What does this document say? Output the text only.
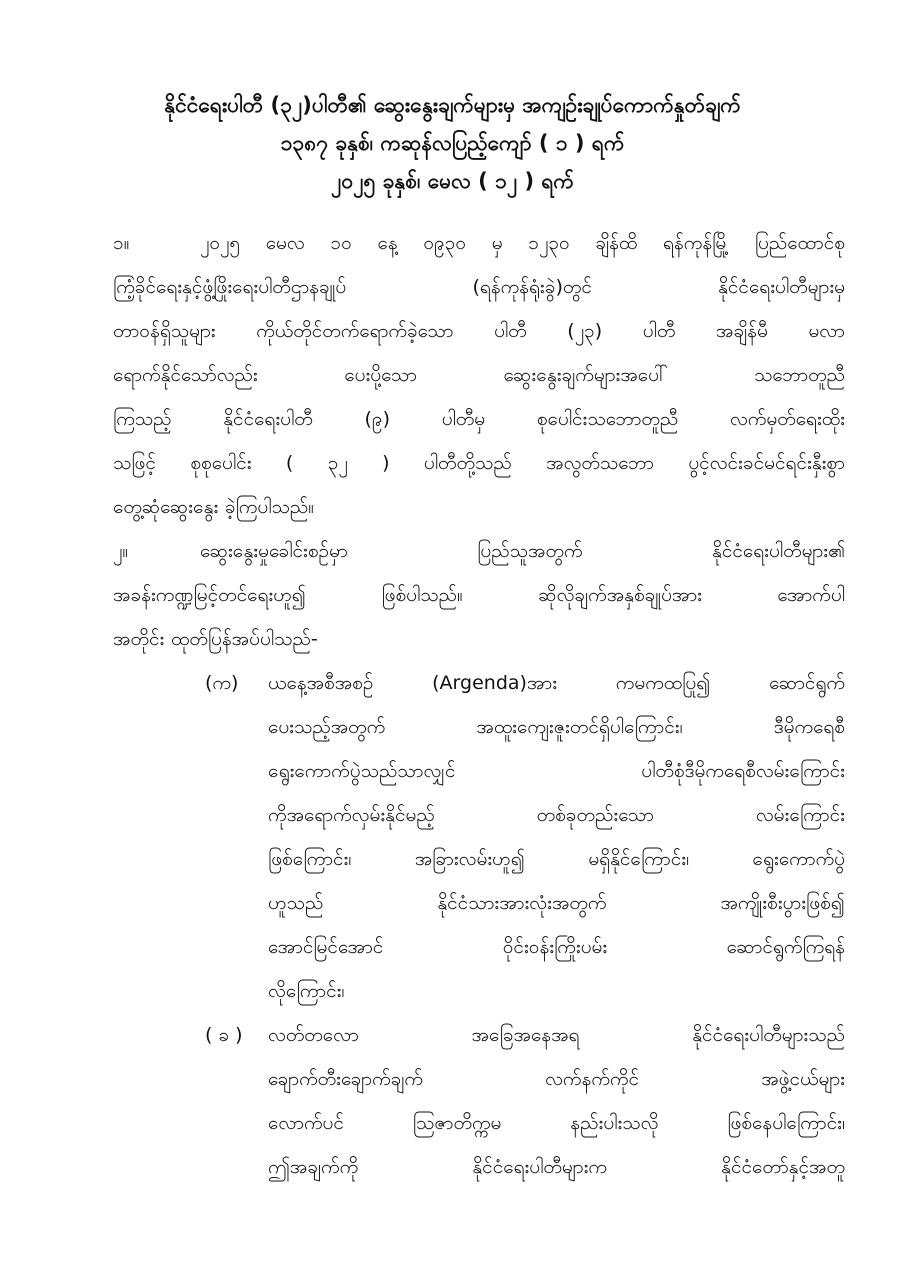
နိုင်ငံရေးပါတီ (၃၂)ပါတီ၏ ဆွေးနွေးချက်များမှ အကျဉ်းချုပ်ကောက်နှုတ်ချက်
၁၃၈၇ ခုနှစ်၊ ကဆုန်လပြည့်ကျော် ( ၁ ) ရက်
၂၀၂၅ ခုနှစ်၊ မေလ ( ၁၂ ) ရက်
၁။	၂၀၂၅ မေလ ၁၀ နေ့ ၀၉၃၀ မှ ၁၂၃၀ ချိန်ထိ ရန်ကုန်မြို့ ပြည်ထောင်စု
ကြံ့ခိုင်ရေးနှင့်ဖွံ့ဖြိုးရေးပါတီဌာနချုပ်	(ရန်ကုန်ရုံးခွဲ)တွင်	နိုင်ငံရေးပါတီများမှ
တာဝန်ရှိသူများ ကိုယ်တိုင်တက်ရောက်ခဲ့သော ပါတီ (၂၃) ပါတီ အချိန်မီ မလာ
ရောက်နိုင်သော်လည်း	ပေးပို့သော	ဆွေးနွေးချက်များအပေါ်	သဘောတူညီ
ကြသည့်	နိုင်ငံရေးပါတီ	(၉)	ပါတီမှ	စုပေါင်းသဘောတူညီ	လက်မှတ်ရေးထိုး
သဖြင့် စုစုပေါင်း ( ၃၂ ) ပါတီတို့သည် အလွတ်သဘော ပွင့်လင်းခင်မင်ရင်းနှီးစွာ
တွေ့ဆုံဆွေးနွေး ခဲ့ကြပါသည်။
၂။	ဆွေးနွေးမှုခေါင်းစဉ်မှာ	ပြည်သူအတွက်	နိုင်ငံရေးပါတီများ၏
အခန်းကဏ္ဍမြင့်တင်ရေးဟူ၍	ဖြစ်ပါသည်။	ဆိုလိုချက်အနှစ်ချုပ်အား	အောက်ပါ
အတိုင်း ထုတ်ပြန်အပ်ပါသည်-
(က) ယနေ့အစီအစဉ်	(Argenda)အား	ကမကထပြု၍	ဆောင်ရွက်
ပေးသည့်အတွက်	အထူးကျေးဇူးတင်ရှိပါကြောင်း၊	ဒီမိုကရေစီ
ရွေးကောက်ပွဲသည်သာလျှင်	ပါတီစုံဒီမိုကရေစီလမ်းကြောင်း
ကိုအရောက်လှမ်းနိုင်မည့်	တစ်ခုတည်းသော	လမ်းကြောင်း
ဖြစ်ကြောင်း၊	အခြားလမ်းဟူ၍	မရှိနိုင်ကြောင်း၊	ရွေးကောက်ပွဲ
ဟူသည်	နိုင်ငံသားအားလုံးအတွက်	အကျိုးစီးပွားဖြစ်၍
အောင်မြင်အောင်	ဝိုင်းဝန်းကြိုးပမ်း	ဆောင်ရွက်ကြရန်
လိုကြောင်း၊
( ခ ) လတ်တလော	အခြေအနေအရ	နိုင်ငံရေးပါတီများသည်
ချောက်တီးချောက်ချက်	လက်နက်ကိုင်	အဖွဲ့ငယ်များ
လောက်ပင်	သြဇာတိက္ကမ	နည်းပါးသလို	ဖြစ်နေပါကြောင်း၊
ဤအချက်ကို	နိုင်ငံရေးပါတီများက	နိုင်ငံတော်နှင့်အတူ
